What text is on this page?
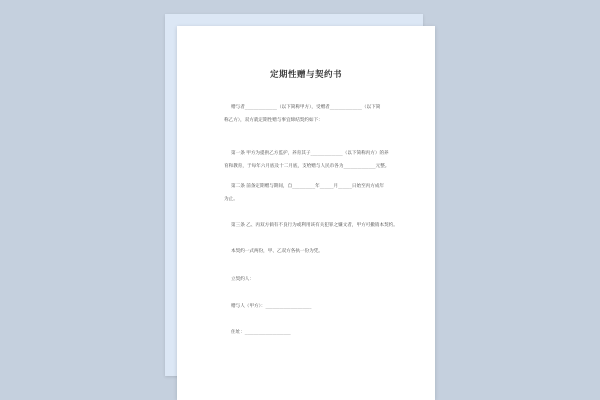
定期性赠与契约书
赠与者______________（以下简称甲方），受赠者______________（以下简
称乙方），双方就定期性赠与事宜缔结契约如下：
第一条 甲方为提供乙方监护，养育其子______________（以下简称丙方）的养
育和教育，于每年六月底及十二月底，支给赠与人民币各为______________元整。
第二条 前条定期赠与期间，自__________年______月______日始至丙方成年
为止。
第三条 乙、丙双方倘有不良行为或利用该有关犯罪之嫌文者，甲方可撤销本契约。
本契约一式两份，甲、乙双方各执一份为凭。
立契约人：
赠与人（甲方）：____________________
住址：____________________
